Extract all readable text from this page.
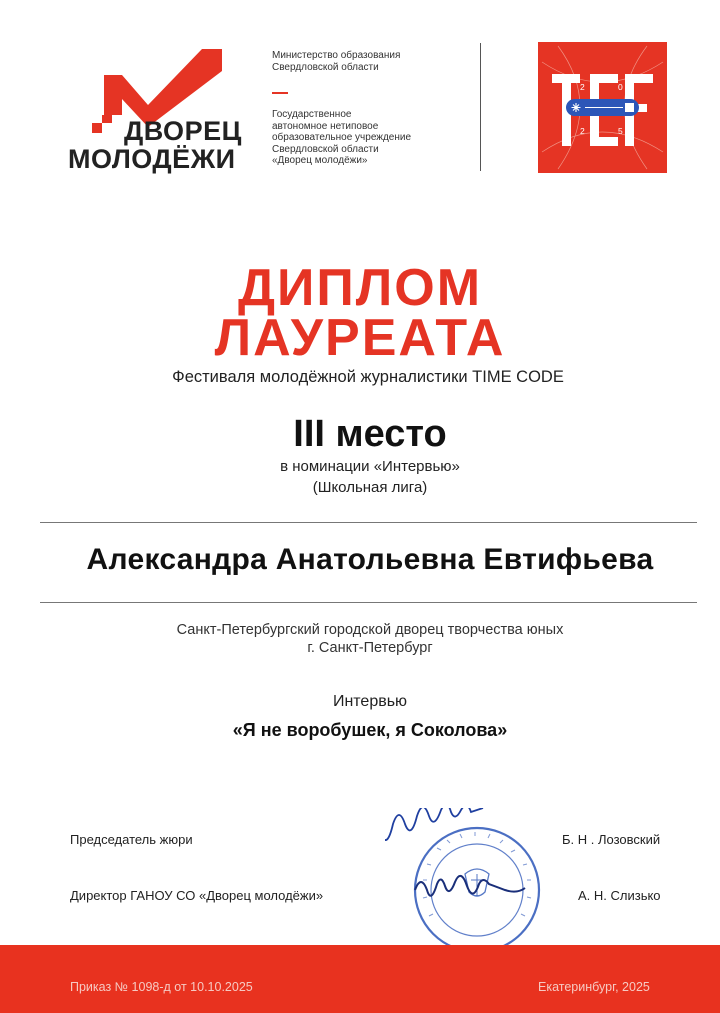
ДВОРЕЦ
МОЛОДЁЖИ
Министерство образования
Свердловской области
Государственное
автономное нетиповое
образовательное учреждение
Свердловской области
«Дворец молодёжи»
2	0
2	5
ДИПЛОМ
ЛАУРЕАТА
Фестиваля молодёжной журналистики TIME CODE
III место
в номинации «Интервью»
(Школьная лига)
Александра Анатольевна Евтифьева
Санкт-Петербургский городской дворец творчества юных
г. Санкт-Петербург
Интервью
«Я не воробушек, я Соколова»
Председатель жюри	Б. Н . Лозовский
Директор ГАНОУ СО «Дворец молодёжи»	А. Н. Слизько
Приказ № 1098-д от 10.10.2025	Екатеринбург, 2025
